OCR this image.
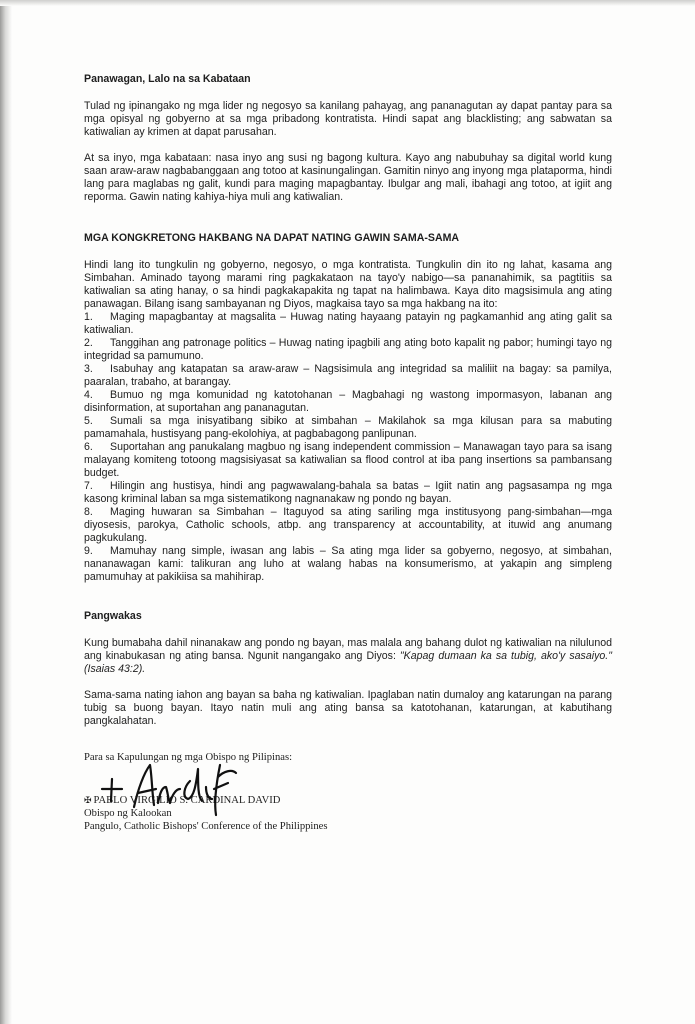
Panawagan, Lalo na sa Kabataan

Tulad ng ipinangako ng mga lider ng negosyo sa kanilang pahayag, ang pananagutan ay dapat pantay para sa mga opisyal ng gobyerno at sa mga pribadong kontratista. Hindi sapat ang blacklisting; ang sabwatan sa katiwalian ay krimen at dapat parusahan.

At sa inyo, mga kabataan: nasa inyo ang susi ng bagong kultura. Kayo ang nabubuhay sa digital world kung saan araw-araw nagbabanggaan ang totoo at kasinungalingan. Gamitin ninyo ang inyong mga plataporma, hindi lang para maglabas ng galit, kundi para maging mapagbantay. Ibulgar ang mali, ibahagi ang totoo, at igiit ang reporma. Gawin nating kahiya-hiya muli ang katiwalian.

MGA KONGKRETONG HAKBANG NA DAPAT NATING GAWIN SAMA-SAMA

Hindi lang ito tungkulin ng gobyerno, negosyo, o mga kontratista. Tungkulin din ito ng lahat, kasama ang Simbahan. Aminado tayong marami ring pagkakataon na tayo'y nabigo—sa pananahimik, sa pagtitiis sa katiwalian sa ating hanay, o sa hindi pagkakapakita ng tapat na halimbawa. Kaya dito magsisimula ang ating panawagan. Bilang isang sambayanan ng Diyos, magkaisa tayo sa mga hakbang na ito:

1. Maging mapagbantay at magsalita – Huwag nating hayaang patayin ng pagkamanhid ang ating galit sa katiwalian.
2. Tanggihan ang patronage politics – Huwag nating ipagbili ang ating boto kapalit ng pabor; humingi tayo ng integridad sa pamumuno.
3. Isabuhay ang katapatan sa araw-araw – Nagsisimula ang integridad sa maliliit na bagay: sa pamilya, paaralan, trabaho, at barangay.
4. Bumuo ng mga komunidad ng katotohanan – Magbahagi ng wastong impormasyon, labanan ang disinformation, at suportahan ang pananagutan.
5. Sumali sa mga inisyatibang sibiko at simbahan – Makilahok sa mga kilusan para sa mabuting pamamahala, hustisyang pang-ekolohiya, at pagbabagong panlipunan.
6. Suportahan ang panukalang magbuo ng isang independent commission – Manawagan tayo para sa isang malayang komiteng totoong magsisiyasat sa katiwalian sa flood control at iba pang insertions sa pambansang budget.
7. Hilingin ang hustisya, hindi ang pagwawalang-bahala sa batas – Igiit natin ang pagsasampa ng mga kasong kriminal laban sa mga sistematikong nagnanakaw ng pondo ng bayan.
8. Maging huwaran sa Simbahan – Itaguyod sa ating sariling mga institusyong pang-simbahan—mga diyosesis, parokya, Catholic schools, atbp. ang transparency at accountability, at ituwid ang anumang pagkukulang.
9. Mamuhay nang simple, iwasan ang labis – Sa ating mga lider sa gobyerno, negosyo, at simbahan, nananawagan kami: talikuran ang luho at walang habas na konsumerismo, at yakapin ang simpleng pamumuhay at pakikiisa sa mahihirap.
Pangwakas

Kung bumabaha dahil ninanakaw ang pondo ng bayan, mas malala ang bahang dulot ng katiwalian na nilulunod ang kinabukasan ng ating bansa. Ngunit nangangako ang Diyos: "Kapag dumaan ka sa tubig, ako'y sasaiyo." (Isaias 43:2).

Sama-sama nating iahon ang bayan sa baha ng katiwalian. Ipaglaban natin dumaloy ang katarungan na parang tubig sa buong bayan. Itayo natin muli ang ating bansa sa katotohanan, katarungan, at kabutihang pangkalahatan.

Para sa Kapulungan ng mga Obispo ng Pilipinas:
✠ PABLO VIRGILIO S. CARDINAL DAVID
Obispo ng Kalookan
Pangulo, Catholic Bishops' Conference of the Philippines
